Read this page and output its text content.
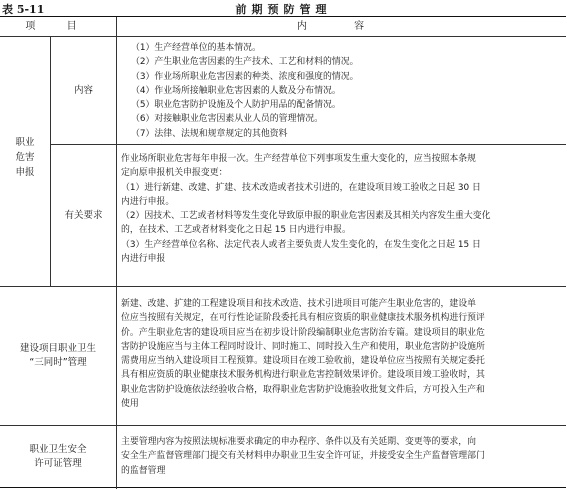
表 5-11	前期预防管理
项 目	内 容
职业危害申报
内容
（1）生产经营单位的基本情况。
（2）产生职业危害因素的生产技术、工艺和材料的情况。
（3）作业场所职业危害因素的种类、浓度和强度的情况。
（4）作业场所接触职业危害因素的人数及分布情况。
（5）职业危害防护设施及个人防护用品的配备情况。
（6）对接触职业危害因素从业人员的管理情况。
（7）法律、法规和规章规定的其他资料
有关要求
作业场所职业危害每年申报一次。生产经营单位下列事项发生重大变化的，应当按照本条规
定向原申报机关申报变更：
（1）进行新建、改建、扩建、技术改造或者技术引进的，在建设项目竣工验收之日起 30 日
内进行申报。
（2）因技术、工艺或者材料等发生变化导致原申报的职业危害因素及其相关内容发生重大变化
的，在技术、工艺或者材料变化之日起 15 日内进行申报。
（3）生产经营单位名称、法定代表人或者主要负责人发生变化的，在发生变化之日起 15 日
内进行申报
建设项目职业卫生
“三同时”管理
新建、改建、扩建的工程建设项目和技术改造、技术引进项目可能产生职业危害的，建设单
位应当按照有关规定，在可行性论证阶段委托具有相应资质的职业健康技术服务机构进行预评
价。产生职业危害的建设项目应当在初步设计阶段编制职业危害防治专篇。建设项目的职业危
害防护设施应当与主体工程同时设计、同时施工、同时投入生产和使用，职业危害防护设施所
需费用应当纳入建设项目工程预算。建设项目在竣工验收前，建设单位应当按照有关规定委托
具有相应资质的职业健康技术服务机构进行职业危害控制效果评价。建设项目竣工验收时，其
职业危害防护设施依法经验收合格，取得职业危害防护设施验收批复文件后，方可投入生产和
使用
职业卫生安全
许可证管理
主要管理内容为按照法规标准要求确定的申办程序、条件以及有关延期、变更等的要求，向
安全生产监督管理部门提交有关材料申办职业卫生安全许可证，并接受安全生产监督管理部门
的监督管理
